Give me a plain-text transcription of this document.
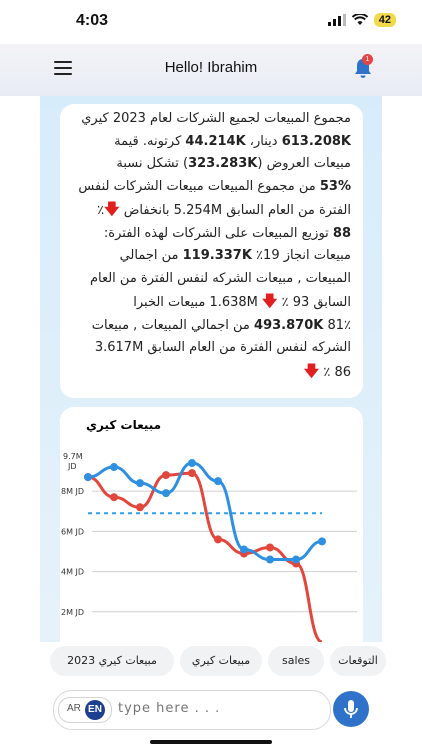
4:03	42
Hello! Ibrahim	1
مجموع المبيعات لجميع الشركات لعام 2023 كيري
613.208K دينار، 44.214K كرتونه. قيمة
مبيعات العروض (323.283K) تشكل نسبة
53% من مجموع المبيعات مبيعات الشركات لنفس
الفترة من العام السابق 5.254M بانخفاض 🡇٪
88 توزيع المبيعات على الشركات لهذه الفترة:
مبيعات انجاز 19٪ 119.337K من اجمالي
المبيعات , مبيعات الشركه لنفس الفترة من العام
السابق 93 ٪ 🡇 1.638M مبيعات الخبرا
81٪ 493.870K من اجمالي المبيعات , مبيعات
الشركه لنفس الفترة من العام السابق 3.617M
86 ٪ 🡇
مبيعات كيري
9.7M JD
8M JD
6M JD
4M JD
2M JD
التوقعات
sales
مبيعات كيري
مبيعات كيري 2023
AR EN
type here . . .
